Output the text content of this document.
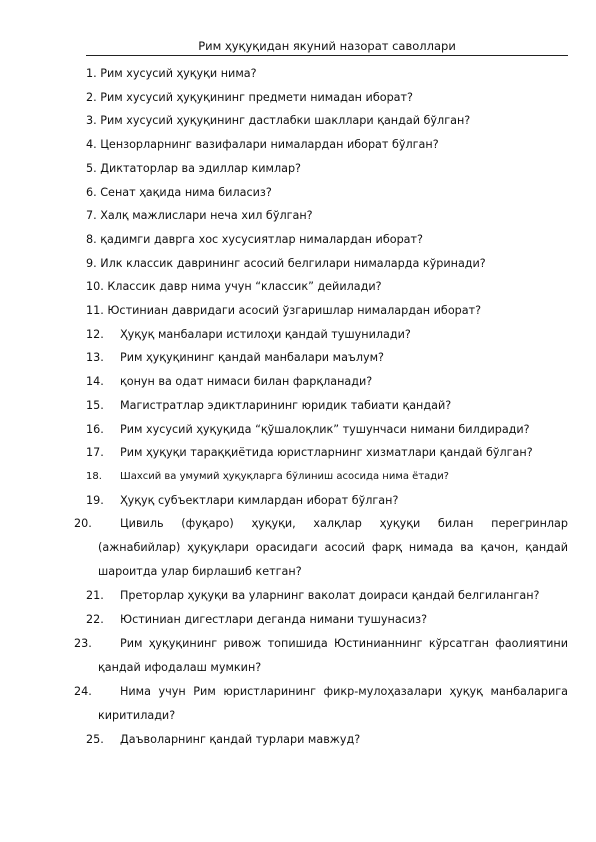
Рим ҳуқуқидан якуний назорат саволлари
1. Рим хусусий ҳуқуқи нима?
2. Рим хусусий ҳуқуқининг предмети нимадан иборат?
3. Рим хусусий ҳуқуқининг дастлабки шакллари қандай бўлган?
4. Цензорларнинг вазифалари нималардан иборат бўлган?
5. Диктаторлар ва эдиллар кимлар?
6. Сенат ҳақида нима биласиз?
7. Халқ мажлислари неча хил бўлган?
8. қадимги даврга хос хусусиятлар нималардан иборат?
9. Илк классик даврининг асосий белгилари нималарда кўринади?
10. Классик давр нима учун “классик” дейилади?
11. Юстиниан давридаги асосий ўзгаришлар нималардан иборат?
12. Ҳуқуқ манбалари истилоҳи қандай тушунилади?
13. Рим ҳуқуқининг қандай манбалари маълум?
14. қонун ва одат нимаси билан фарқланади?
15. Магистратлар эдиктларининг юридик табиати қандай?
16. Рим хусусий ҳуқуқида “қўшалоқлик” тушунчаси нимани билдиради?
17. Рим ҳуқуқи тараққиётида юристларнинг хизматлари қандай бўлган?
18. Шахсий ва умумий ҳуқуқларга бўлиниш асосида нима ётади?
19. Ҳуқуқ субъектлари кимлардан иборат бўлган?
20.	Цивиль (фуқаро) ҳуқуқи, халқлар ҳуқуқи билан перегринлар (ажнабийлар) ҳуқуқлари орасидаги асосий фарқ нимада ва қачон, қандай шароитда улар бирлашиб кетган?
21. Преторлар ҳуқуқи ва уларнинг ваколат доираси қандай белгиланган?
22. Юстиниан дигестлари деганда нимани тушунасиз?
23.	Рим ҳуқуқининг ривож топишида Юстинианнинг кўрсатган фаолиятини қандай ифодалаш мумкин?
24.	Нима учун Рим юристларининг фикр-мулоҳазалари ҳуқуқ манбаларига киритилади?
25. Даъволарнинг қандай турлари мавжуд?
